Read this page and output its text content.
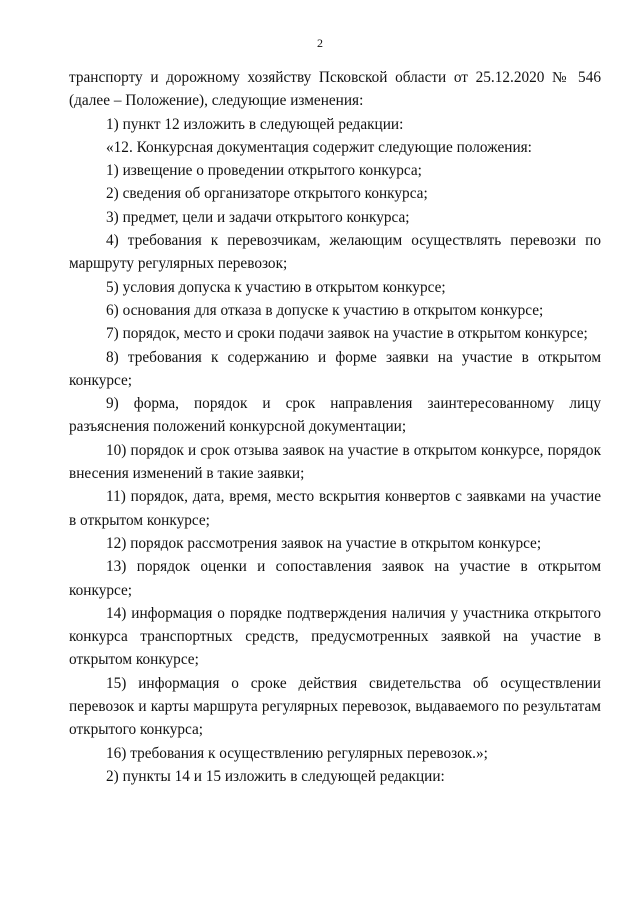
2

транспорту и дорожному хозяйству Псковской области от 25.12.2020 № 546 (далее – Положение), следующие изменения:

1) пункт 12 изложить в следующей редакции:

«12. Конкурсная документация содержит следующие положения:

1) извещение о проведении открытого конкурса;

2) сведения об организаторе открытого конкурса;

3) предмет, цели и задачи открытого конкурса;

4) требования к перевозчикам, желающим осуществлять перевозки по маршруту регулярных перевозок;

5) условия допуска к участию в открытом конкурсе;

6) основания для отказа в допуске к участию в открытом конкурсе;

7) порядок, место и сроки подачи заявок на участие в открытом конкурсе;

8) требования к содержанию и форме заявки на участие в открытом конкурсе;

9) форма, порядок и срок направления заинтересованному лицу разъяснения положений конкурсной документации;

10) порядок и срок отзыва заявок на участие в открытом конкурсе, порядок внесения изменений в такие заявки;

11) порядок, дата, время, место вскрытия конвертов с заявками на участие в открытом конкурсе;

12) порядок рассмотрения заявок на участие в открытом конкурсе;

13) порядок оценки и сопоставления заявок на участие в открытом конкурсе;

14) информация о порядке подтверждения наличия у участника открытого конкурса транспортных средств, предусмотренных заявкой на участие в открытом конкурсе;

15) информация о сроке действия свидетельства об осуществлении перевозок и карты маршрута регулярных перевозок, выдаваемого по результатам открытого конкурса;

16) требования к осуществлению регулярных перевозок.»;

2) пункты 14 и 15 изложить в следующей редакции:
